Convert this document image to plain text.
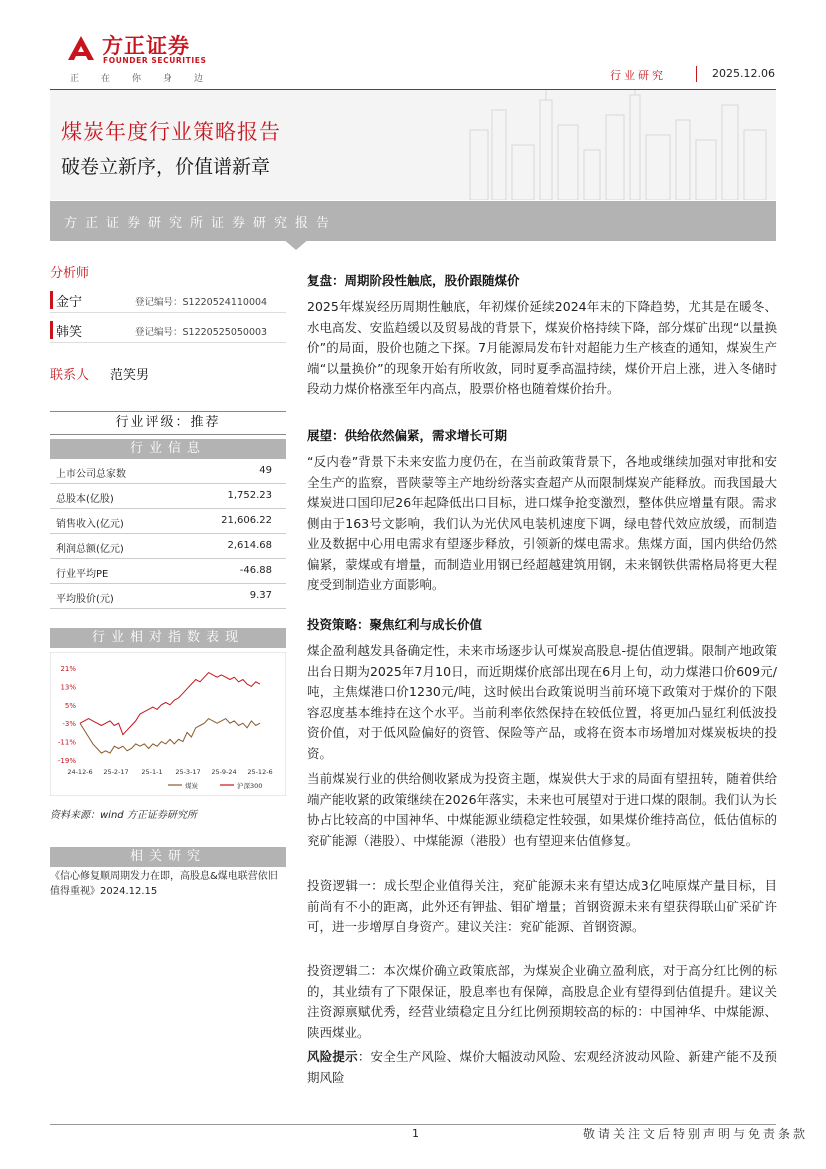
方正证券
FOUNDER SECURITIES
正在你身边	行业研究	2025.12.06
煤炭年度行业策略报告
破卷立新序，价值谱新章
方正证券研究所证券研究报告
分析师
金宁	登记编号：S1220524110004
韩笑	登记编号：S1220525050003
联系人 范笑男
行业评级：推荐
行业信息
上市公司总家数	49
总股本(亿股)	1,752.23
销售收入(亿元)	21,606.22
利润总额(亿元)	2,614.68
行业平均PE	-46.88
平均股价(元)	9.37
行业相对指数表现
21%
13%
5%
-3%
-11%
-19%
24-12-6 25-2-17 25-1-1 25-3-17 25-9-24 25-12-6
煤炭	沪深300
资料来源：wind 方正证券研究所
相关研究
《信心修复顺周期发力在即，高股息&煤电联营依旧值得重视》2024.12.15
复盘：周期阶段性触底，股价跟随煤价

2025年煤炭经历周期性触底，年初煤价延续2024年末的下降趋势，尤其是在暖冬、水电高发、安监趋缓以及贸易战的背景下，煤炭价格持续下降，部分煤矿出现“以量换价”的局面，股价也随之下探。7月能源局发布针对超能力生产核查的通知，煤炭生产端“以量换价”的现象开始有所收敛，同时夏季高温持续，煤价开启上涨，进入冬储时段动力煤价格涨至年内高点，股票价格也随着煤价抬升。

展望：供给依然偏紧，需求增长可期

“反内卷”背景下未来安监力度仍在，在当前政策背景下，各地或继续加强对审批和安全生产的监察，晋陕蒙等主产地纷纷落实查超产从而限制煤炭产能释放。而我国最大煤炭进口国印尼26年起降低出口目标，进口煤争抢变激烈，整体供应增量有限。需求侧由于163号文影响，我们认为光伏风电装机速度下调，绿电替代效应放缓，而制造业及数据中心用电需求有望逐步释放，引领新的煤电需求。焦煤方面，国内供给仍然偏紧，蒙煤或有增量，而制造业用钢已经超越建筑用钢，未来钢铁供需格局将更大程度受到制造业方面影响。

投资策略：聚焦红利与成长价值

煤企盈利越发具备确定性，未来市场逐步认可煤炭高股息-提估值逻辑。限制产地政策出台日期为2025年7月10日，而近期煤价底部出现在6月上旬，动力煤港口价609元/吨，主焦煤港口价1230元/吨，这时候出台政策说明当前环境下政策对于煤价的下限容忍度基本维持在这个水平。当前利率依然保持在较低位置，将更加凸显红利低波投资价值，对于低风险偏好的资管、保险等产品，或将在资本市场增加对煤炭板块的投资。

当前煤炭行业的供给侧收紧成为投资主题，煤炭供大于求的局面有望扭转，随着供给端产能收紧的政策继续在2026年落实，未来也可展望对于进口煤的限制。我们认为长协占比较高的中国神华、中煤能源业绩稳定性较强，如果煤价维持高位，低估值标的兖矿能源（港股）、中煤能源（港股）也有望迎来估值修复。

投资逻辑一：成长型企业值得关注，兖矿能源未来有望达成3亿吨原煤产量目标，目前尚有不小的距离，此外还有钾盐、钼矿增量；首钢资源未来有望获得联山矿采矿许可，进一步增厚自身资产。建议关注：兖矿能源、首钢资源。

投资逻辑二：本次煤价确立政策底部，为煤炭企业确立盈利底，对于高分红比例的标的，其业绩有了下限保证，股息率也有保障，高股息企业有望得到估值提升。建议关注资源禀赋优秀，经营业绩稳定且分红比例预期较高的标的：中国神华、中煤能源、陕西煤业。

风险提示：安全生产风险、煤价大幅波动风险、宏观经济波动风险、新建产能不及预期风险
1	敬请关注文后特别声明与免责条款
